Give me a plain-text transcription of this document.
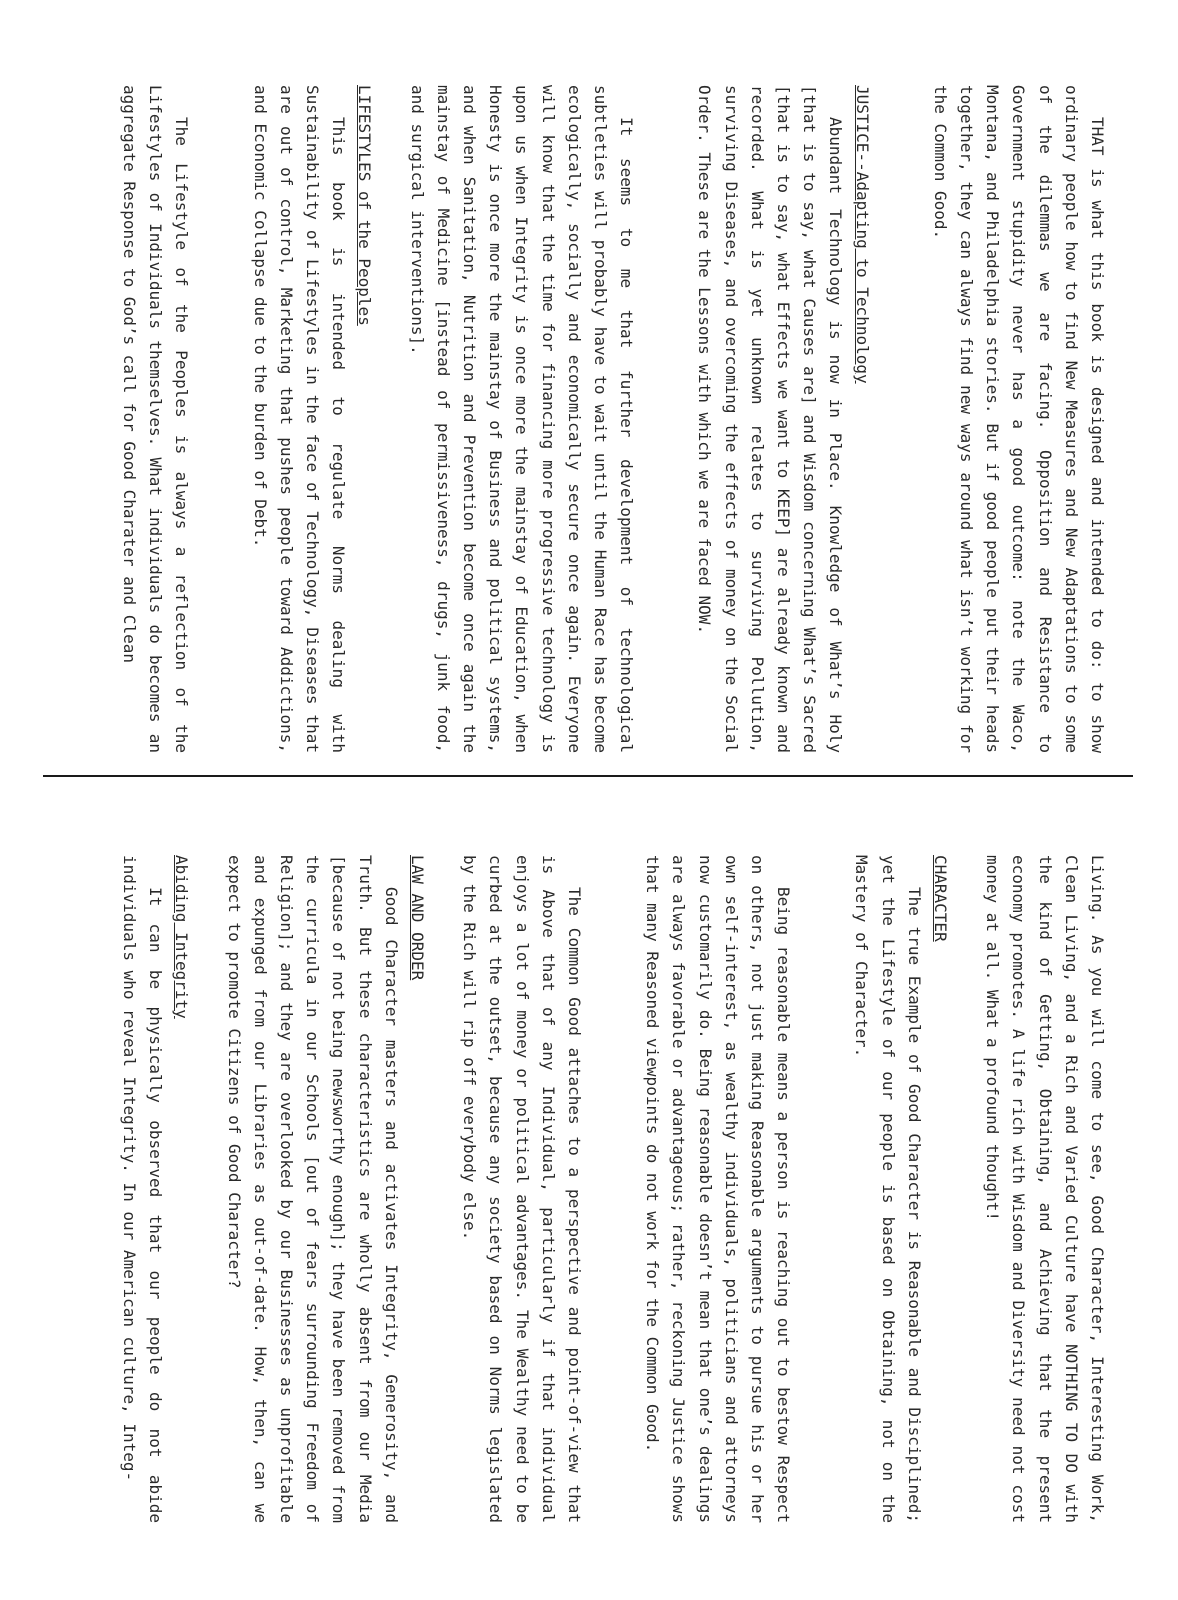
THAT is what this book is designed and intended to do: to show ordinary people how to find New Measures and New Adaptations to some of the dilemmas we are facing. Opposition and Resistance to Government stupidity never has a good outcome: note the Waco, Montana, and Philadelphia stories. But if good people put their heads together, they can always find new ways around what isn’t working for the Common Good.

JUSTICE--Adapting to Technology

Abundant Technology is now in Place. Knowledge of What’s Holy [that is to say, what Causes are] and Wisdom concerning What’s Sacred [that is to say, what Effects we want to KEEP] are already known and recorded. What is yet unknown relates to surviving Pollution, surviving Diseases, and overcoming the effects of money on the Social Order. These are the Lessons with which we are faced NOW.

It seems to me that further development of technological subtleties will probably have to wait until the Human Race has become ecologically, socially and economically secure once again. Everyone will know that the time for financing more progressive technology is upon us when Integrity is once more the mainstay of Education, when Honesty is once more the mainstay of Business and political systems, and when Sanitation, Nutrition and Prevention become once again the mainstay of Medicine [instead of permissiveness, drugs, junk food, and surgical interventions].

LIFESTYLES of the Peoples

This book is intended to regulate Norms dealing with Sustainability of Lifestyles in the face of Technology, Diseases that are out of control, Marketing that pushes people toward Addictions, and Economic Collapse due to the burden of Debt.

The Lifestyle of the Peoples is always a reflection of the Lifestyles of Individuals themselves. What individuals do becomes an aggregate Response to God’s call for Good Charater and Clean

Living. As you will come to see, Good Character, Interesting Work, Clean Living, and a Rich and Varied Culture have NOTHING TO DO with the kind of Getting, Obtaining, and Achieving that the present economy promotes. A life rich with Wisdom and Diversity need not cost money at all. What a profound thought!

CHARACTER

The true Example of Good Character is Reasonable and Disciplined; yet the Lifestyle of our people is based on Obtaining, not on the Mastery of Character.

Being reasonable means a person is reaching out to bestow Respect on others, not just making Reasonable arguments to pursue his or her own self-interest, as wealthy individuals, politicians and attorneys now customarily do. Being reasonable doesn’t mean that one’s dealings are always favorable or advantageous; rather, reckoning Justice shows that many Reasoned viewpoints do not work for the Common Good.

The Common Good attaches to a perspective and point-of-view that is Above that of any Individual, particularly if that individual enjoys a lot of money or political advantages. The Wealthy need to be curbed at the outset, because any society based on Norms legislated by the Rich will rip off everybody else.

LAW AND ORDER

Good Character masters and activates Integrity, Generosity, and Truth. But these characteristics are wholly absent from our Media [because of not being newsworthy enough]; they have been removed from the curricula in our Schools [out of fears surrounding Freedom of Religion]; and they are overlooked by our Businesses as unprofitable and expunged from our Libraries as out-of-date. How, then, can we expect to promote Citizens of Good Character?

Abiding Integrity

It can be physically observed that our people do not abide individuals who reveal Integrity. In our American culture, Integ-
